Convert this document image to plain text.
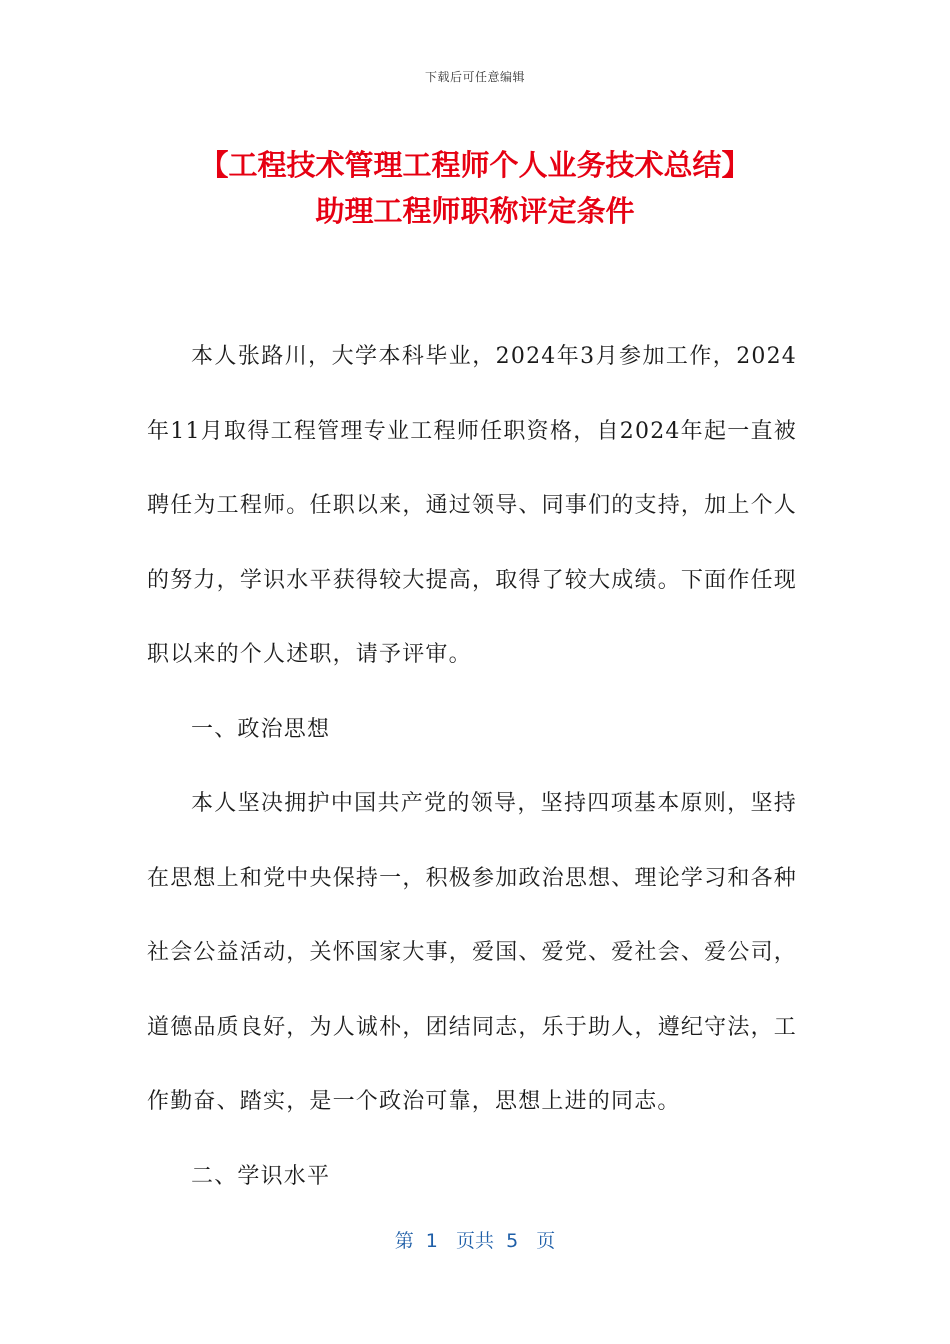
下载后可任意编辑
【工程技术管理工程师个人业务技术总结】
助理工程师职称评定条件

本人张路川，大学本科毕业，2024年3月参加工作，2024年11月取得工程管理专业工程师任职资格，自2024年起一直被聘任为工程师。任职以来，通过领导、同事们的支持，加上个人的努力，学识水平获得较大提高，取得了较大成绩。下面作任现职以来的个人述职，请予评审。

一、政治思想

本人坚决拥护中国共产党的领导，坚持四项基本原则，坚持在思想上和党中央保持一，积极参加政治思想、理论学习和各种社会公益活动，关怀国家大事，爱国、爱党、爱社会、爱公司，道德品质良好，为人诚朴，团结同志，乐于助人，遵纪守法，工作勤奋、踏实，是一个政治可靠，思想上进的同志。

二、学识水平

第  1   页共  5   页
